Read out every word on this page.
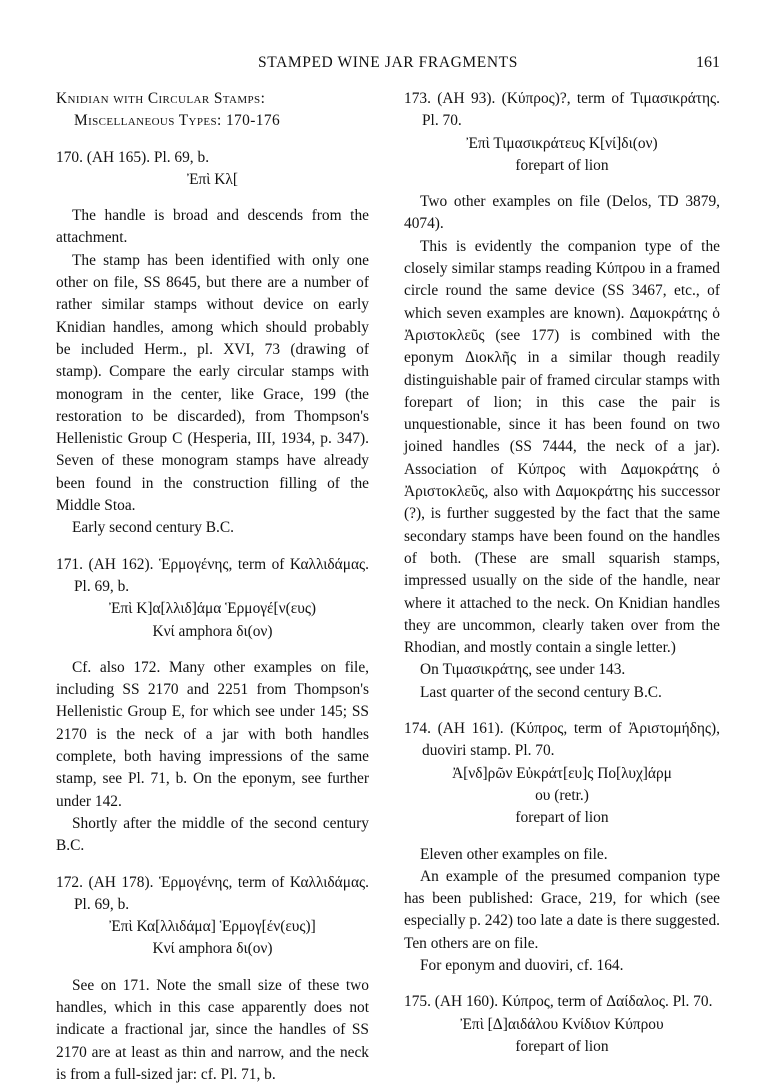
STAMPED WINE JAR FRAGMENTS	161

Knidian with Circular Stamps: Miscellaneous Types: 170-176

170. (AH 165). Pl. 69, b.

Ἐπὶ Κλ[

The handle is broad and descends from the attachment.

The stamp has been identified with only one other on file, SS 8645, but there are a number of rather similar stamps without device on early Knidian handles, among which should probably be included Herm., pl. XVI, 73 (drawing of stamp). Compare the early circular stamps with monogram in the center, like Grace, 199 (the restoration to be discarded), from Thompson's Hellenistic Group C (Hesperia, III, 1934, p. 347). Seven of these monogram stamps have already been found in the construction filling of the Middle Stoa.

Early second century B.C.

171. (AH 162). Ἑρμογένης, term of Καλλιδάμας. Pl. 69, b.

Ἐπὶ Κ]α[λλιδ]άμα Ἑρμογέ[ν(ευς)

Κνί amphora δι(ον)

Cf. also 172. Many other examples on file, including SS 2170 and 2251 from Thompson's Hellenistic Group E, for which see under 145; SS 2170 is the neck of a jar with both handles complete, both having impressions of the same stamp, see Pl. 71, b. On the eponym, see further under 142.

Shortly after the middle of the second century B.C.

172. (AH 178). Ἑρμογένης, term of Καλλιδάμας. Pl. 69, b.

Ἐπὶ Κα[λλιδάμα] Ἑρμογ[έν(ευς)]

Κνί amphora δι(ον)

See on 171. Note the small size of these two handles, which in this case apparently does not indicate a fractional jar, since the handles of SS 2170 are at least as thin and narrow, and the neck is from a full-sized jar: cf. Pl. 71, b.

173. (AH 93). (Κύπρος)?, term of Τιμασικράτης. Pl. 70.

Ἐπὶ Τιμασικράτευς Κ[νί]δι(ον)

forepart of lion

Two other examples on file (Delos, TD 3879, 4074).

This is evidently the companion type of the closely similar stamps reading Κύπρου in a framed circle round the same device (SS 3467, etc., of which seven examples are known). Δαμοκράτης ὁ Ἀριστοκλεῦς (see 177) is combined with the eponym Διοκλῆς in a similar though readily distinguishable pair of framed circular stamps with forepart of lion; in this case the pair is unquestionable, since it has been found on two joined handles (SS 7444, the neck of a jar). Association of Κύπρος with Δαμοκράτης ὁ Ἀριστοκλεῦς, also with Δαμοκράτης his successor (?), is further suggested by the fact that the same secondary stamps have been found on the handles of both. (These are small squarish stamps, impressed usually on the side of the handle, near where it attached to the neck. On Knidian handles they are uncommon, clearly taken over from the Rhodian, and mostly contain a single letter.)

On Τιμασικράτης, see under 143.

Last quarter of the second century B.C.

174. (AH 161). (Κύπρος, term of Ἀριστομήδης), duoviri stamp. Pl. 70.

Ἀ[νδ]ρῶν Εὐκράτ[ευ]ς Πο[λυχ]άρμ

ου (retr.)

forepart of lion

Eleven other examples on file.

An example of the presumed companion type has been published: Grace, 219, for which (see especially p. 242) too late a date is there suggested. Ten others are on file.

For eponym and duoviri, cf. 164.

175. (AH 160). Κύπρος, term of Δαίδαλος. Pl. 70.

Ἐπὶ [Δ]αιδάλου Κνίδιον Κύπρου

forepart of lion
